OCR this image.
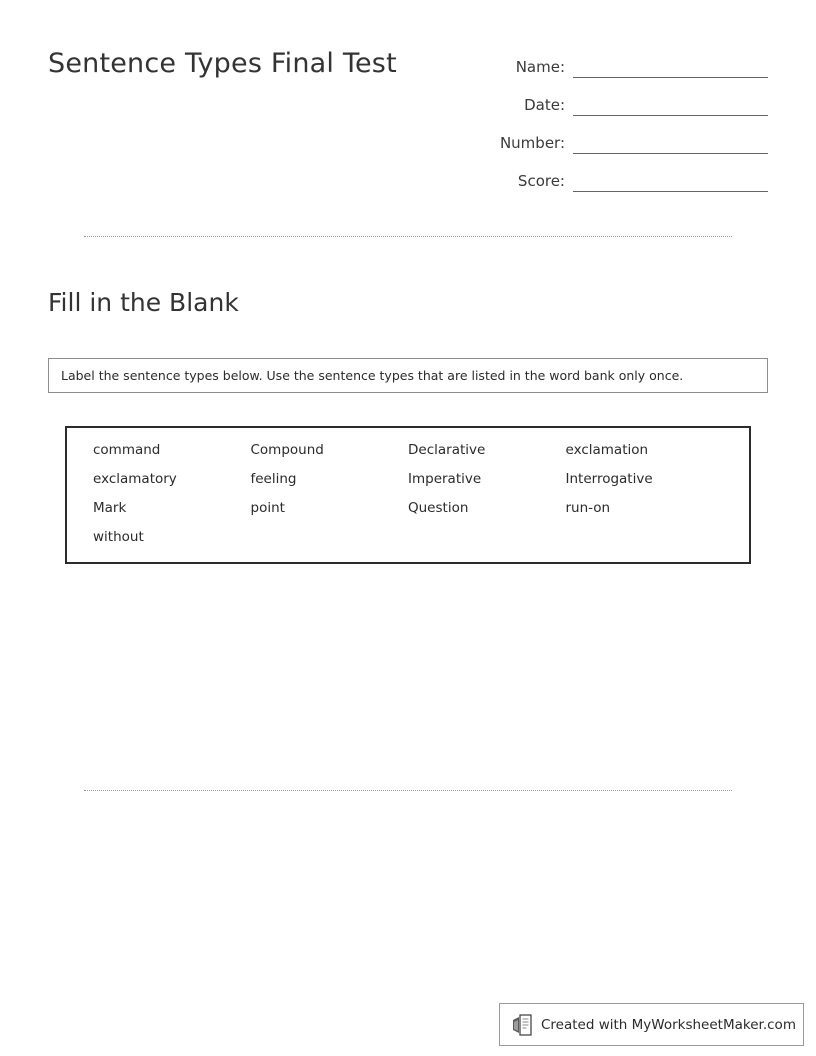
Sentence Types Final Test	Name:
Date:
Number:
Score:
Fill in the Blank
Label the sentence types below. Use the sentence types that are listed in the word bank only once.
command	Compound	Declarative	exclamation
exclamatory	feeling	Imperative	Interrogative
Mark	point	Question	run-on
without
Created with MyWorksheetMaker.com
